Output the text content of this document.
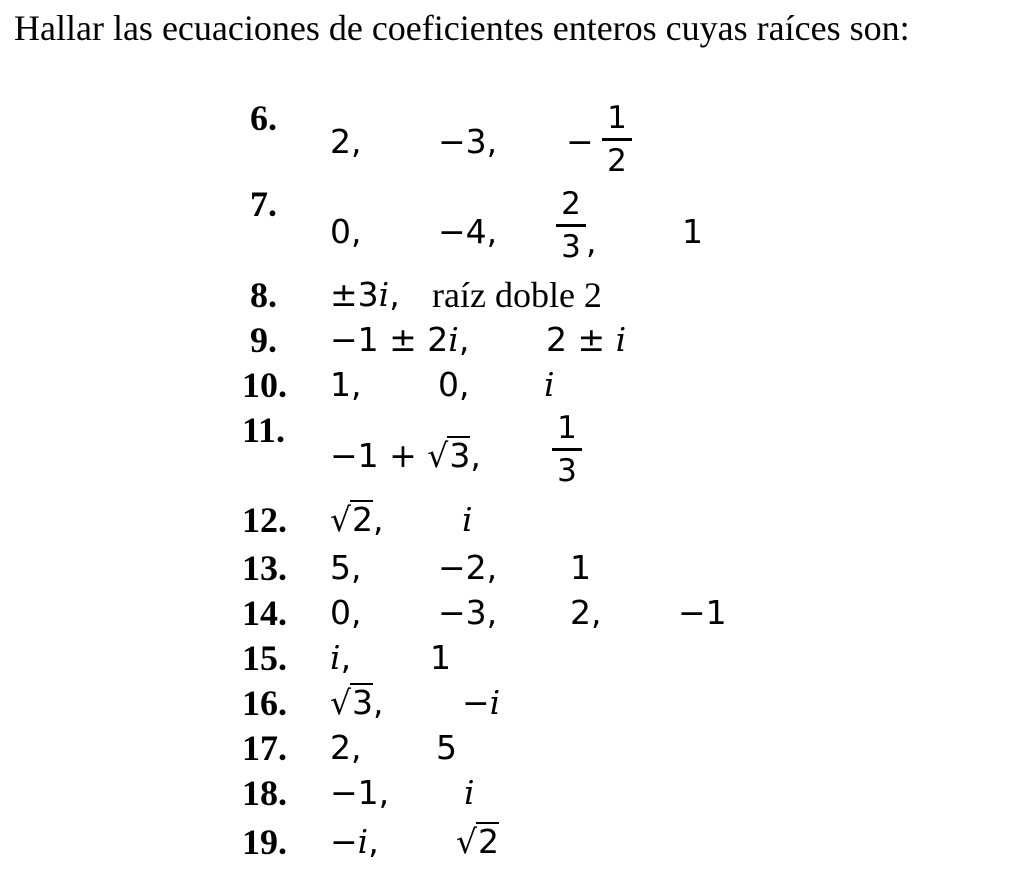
Hallar las ecuaciones de coeficientes enteros cuyas raíces son:
6.
2, −3, −
1
2
7.
0, −4,
2
3 ,	1
8. ±3i, raíz doble 2
9. −1 ± 2i, 2 ± i
10. 1, 0, i
11.
−1 + √3,
1
3
12. √2, i
13. 5, −2, 1
14. 0, −3, 2, −1
15. i, 1
16. √3, −i
17. 2, 5
18. −1, i
19. −i, √2
